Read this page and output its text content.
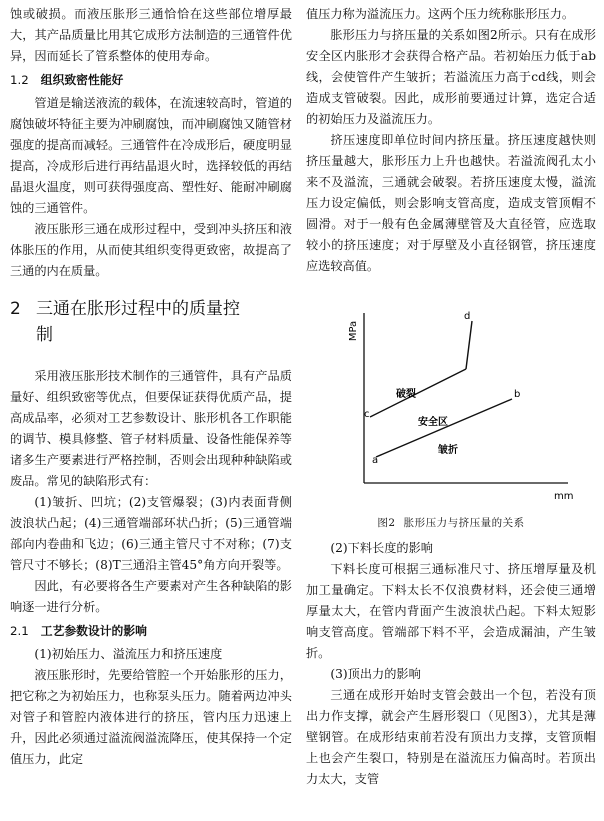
蚀或破损。而液压胀形三通恰恰在这些部位增厚最大，其产品质量比用其它成形方法制造的三通管件优异，因而延长了管系整体的使用寿命。

1.2 组织致密性能好

管道是输送液流的载体，在流速较高时，管道的腐蚀破坏特征主要为冲刷腐蚀，而冲刷腐蚀又随管材强度的提高而减轻。三通管件在冷成形后，硬度明显提高，冷成形后进行再结晶退火时，选择较低的再结晶退火温度，则可获得强度高、塑性好、能耐冲刷腐蚀的三通管件。

液压胀形三通在成形过程中，受到冲头挤压和液体胀压的作用，从而使其组织变得更致密，故提高了三通的内在质量。

2 三通在胀形过程中的质量控
制

采用液压胀形技术制作的三通管件，具有产品质量好、组织致密等优点，但要保证获得优质产品，提高成品率，必须对工艺参数设计、胀形机各工作职能的调节、模具修整、管子材料质量、设备性能保养等诸多生产要素进行严格控制，否则会出现种种缺陷或废品。常见的缺陷形式有：

(1)皱折、凹坑；(2)支管爆裂；(3)内表面背侧波浪状凸起；(4)三通管端部环状凸折；(5)三通管端部向内卷曲和飞边；(6)三通主管尺寸不对称；(7)支管尺寸不够长；(8)T三通沿主管45°角方向开裂等。

因此，有必要将各生产要素对产生各种缺陷的影响逐一进行分析。

2.1 工艺参数设计的影响

(1)初始压力、溢流压力和挤压速度

液压胀形时，先要给管腔一个开始胀形的压力，把它称之为初始压力，也称泵头压力。随着两边冲头对管子和管腔内液体进行的挤压，管内压力迅速上升，因此必须通过溢流阀溢流降压，使其保持一个定值压力，此定

值压力称为溢流压力。这两个压力统称胀形压力。

胀形压力与挤压量的关系如图2所示。只有在成形安全区内胀形才会获得合格产品。若初始压力低于ab线，会使管件产生皱折；若溢流压力高于cd线，则会造成支管破裂。因此，成形前要通过计算，选定合适的初始压力及溢流压力。

挤压速度即单位时间内挤压量。挤压速度越快则挤压量越大，胀形压力上升也越快。若溢流阀孔太小来不及溢流，三通就会破裂。若挤压速度太慢，溢流压力设定偏低，则会影响支管高度，造成支管顶帽不圆滑。对于一般有色金属薄壁管及大直径管，应选取较小的挤压速度；对于厚壁及小直径钢管，挤压速度应选较高值。

MPa
mm
a
b
c
d
破裂
安全区
皱折

图2 胀形压力与挤压量的关系

(2)下料长度的影响

下料长度可根据三通标准尺寸、挤压增厚量及机加工量确定。下料太长不仅浪费材料，还会使三通增厚量太大，在管内背面产生波浪状凸起。下料太短影响支管高度。管端部下料不平，会造成漏油，产生皱折。

(3)顶出力的影响

三通在成形开始时支管会鼓出一个包，若没有顶出力作支撑，就会产生唇形裂口（见图3），尤其是薄壁钢管。在成形结束前若没有顶出力支撑，支管顶帽上也会产生裂口，特别是在溢流压力偏高时。若顶出力太大，支管
